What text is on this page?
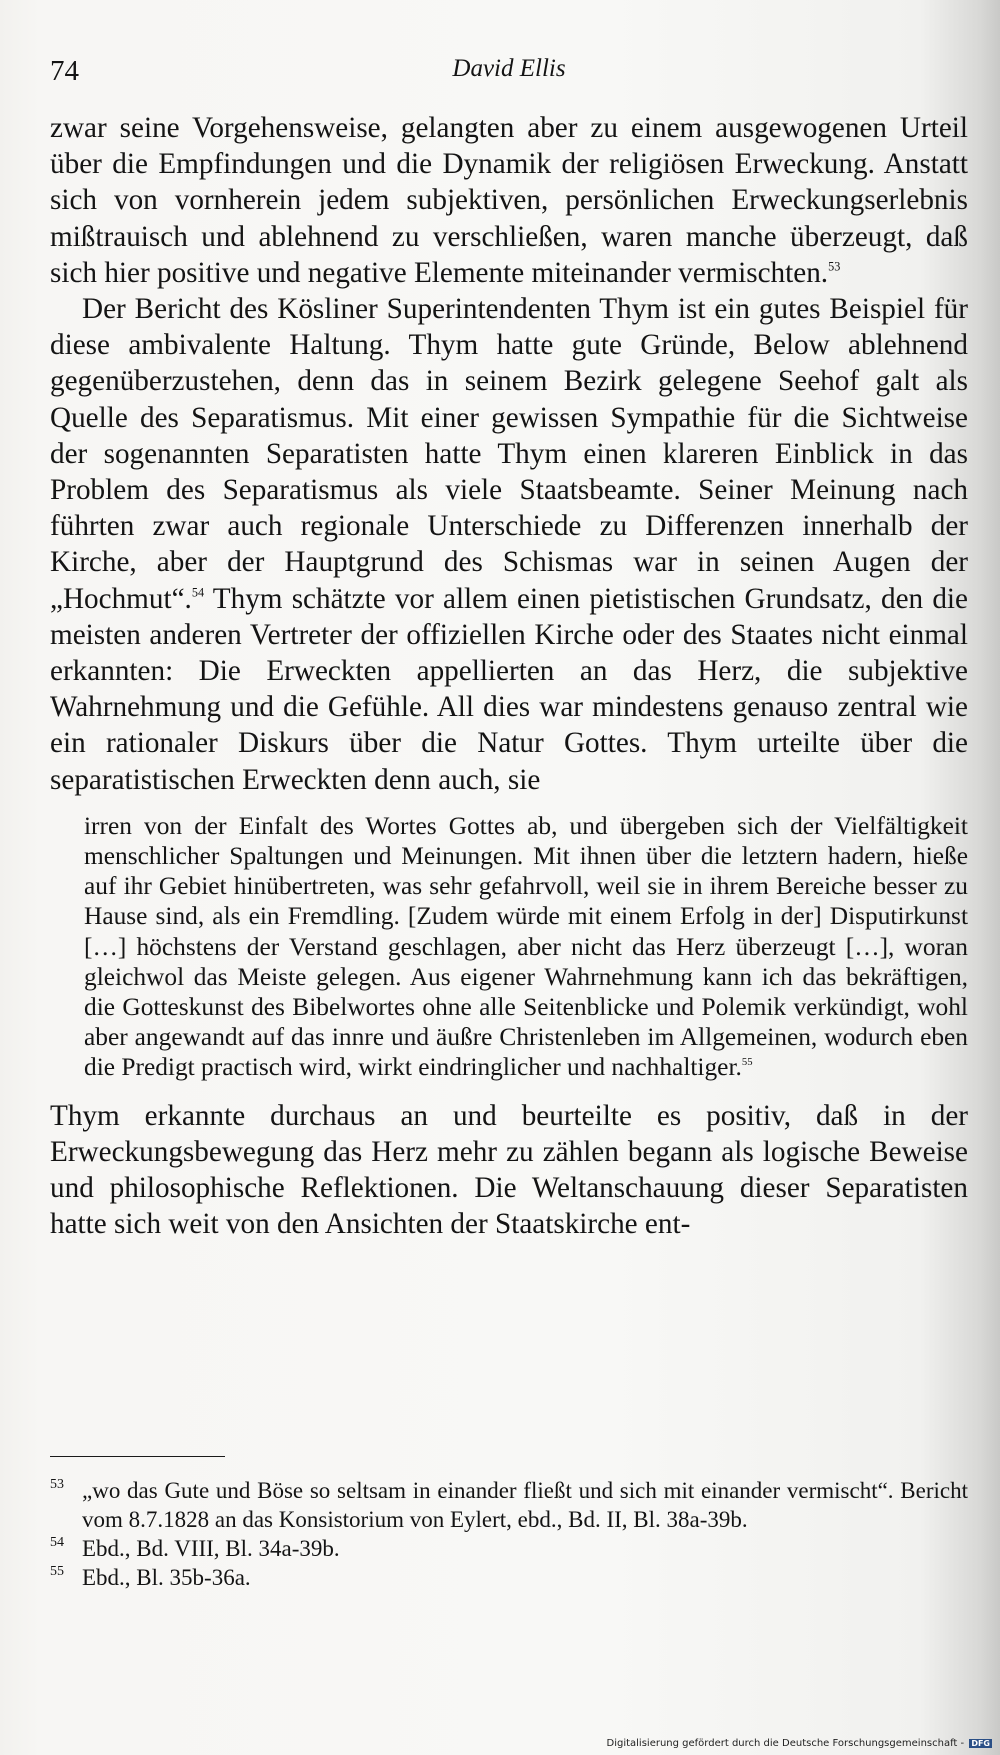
74	David Ellis

zwar seine Vorgehensweise, gelangten aber zu einem ausgewogenen Urteil über die Empfindungen und die Dynamik der religiösen Erweckung. Anstatt sich von vornherein jedem subjektiven, persönlichen Erweckungserlebnis mißtrauisch und ablehnend zu verschließen, waren manche überzeugt, daß sich hier positive und negative Elemente miteinander vermischten.$^{53}$

Der Bericht des Kösliner Superintendenten Thym ist ein gutes Beispiel für diese ambivalente Haltung. Thym hatte gute Gründe, Below ablehnend gegenüberzustehen, denn das in seinem Bezirk gelegene Seehof galt als Quelle des Separatismus. Mit einer gewissen Sympathie für die Sichtweise der sogenannten Separatisten hatte Thym einen klareren Einblick in das Problem des Separatismus als viele Staatsbeamte. Seiner Meinung nach führten zwar auch regionale Unterschiede zu Differenzen innerhalb der Kirche, aber der Hauptgrund des Schismas war in seinen Augen der „Hochmut“.$^{54}$ Thym schätzte vor allem einen pietistischen Grundsatz, den die meisten anderen Vertreter der offiziellen Kirche oder des Staates nicht einmal erkannten: Die Erweckten appellierten an das Herz, die subjektive Wahrnehmung und die Gefühle. All dies war mindestens genauso zentral wie ein rationaler Diskurs über die Natur Gottes. Thym urteilte über die separatistischen Erweckten denn auch, sie

irren von der Einfalt des Wortes Gottes ab, und übergeben sich der Vielfältigkeit menschlicher Spaltungen und Meinungen. Mit ihnen über die letztern hadern, hieße auf ihr Gebiet hinübertreten, was sehr gefahrvoll, weil sie in ihrem Bereiche besser zu Hause sind, als ein Fremdling. [Zudem würde mit einem Erfolg in der] Disputirkunst […] höchstens der Verstand geschlagen, aber nicht das Herz überzeugt […], woran gleichwol das Meiste gelegen. Aus eigener Wahrnehmung kann ich das bekräftigen, die Gotteskunst des Bibelwortes ohne alle Seitenblicke und Polemik verkündigt, wohl aber angewandt auf das innre und äußre Christenleben im Allgemeinen, wodurch eben die Predigt practisch wird, wirkt eindringlicher und nachhaltiger.$^{55}$

Thym erkannte durchaus an und beurteilte es positiv, daß in der Erweckungsbewegung das Herz mehr zu zählen begann als logische Beweise und philosophische Reflektionen. Die Weltanschauung dieser Separatisten hatte sich weit von den Ansichten der Staatskirche ent-

53 „wo das Gute und Böse so seltsam in einander fließt und sich mit einander vermischt“. Bericht vom 8.7.1828 an das Konsistorium von Eylert, ebd., Bd. II, Bl. 38a-39b.
54 Ebd., Bd. VIII, Bl. 34a-39b.
55 Ebd., Bl. 35b-36a.
Digitalisierung gefördert durch die Deutsche Forschungsgemeinschaft - DFG
